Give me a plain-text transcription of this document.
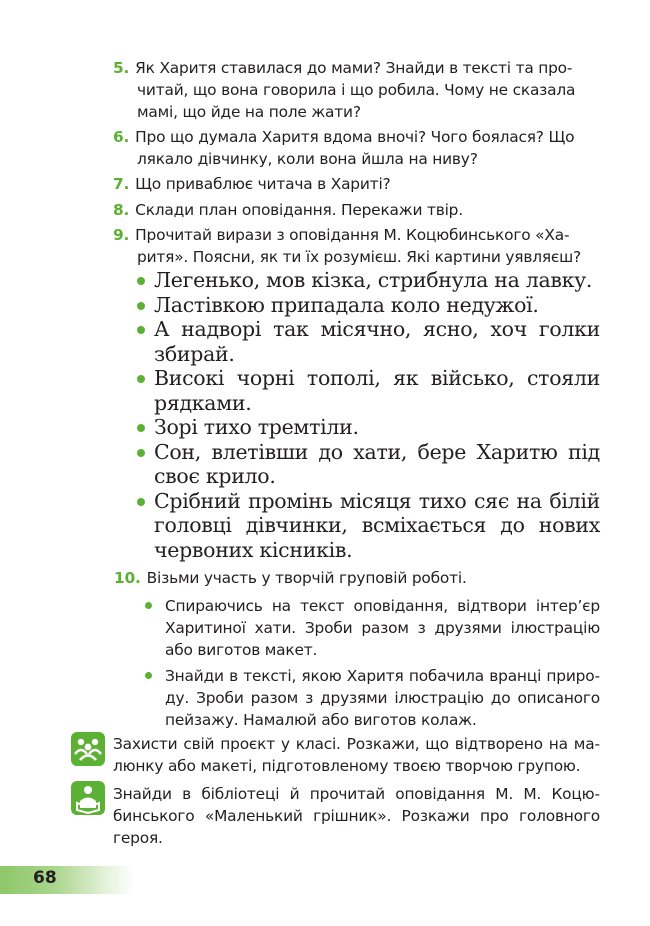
5. Як Харитя ставилася до мами? Знайди в тексті та прочитай, що вона говорила і що робила. Чому не сказала мамі, що йде на поле жати?
6. Про що думала Харитя вдома вночі? Чого боялася? Що лякало дівчинку, коли вона йшла на ниву?
7. Що приваблює читача в Хариті?
8. Склади план оповідання. Перекажи твір.
9. Прочитай вирази з оповідання М. Коцюбинського «Харитя». Поясни, як ти їх розумієш. Які картини уявляєш?
Легенько, мов кізка, стрибнула на лавку.
Ластівкою припадала коло недужої.
А надворі так місячно, ясно, хоч голки збирай.
Високі чорні тополі, як військо, стояли рядками.
Зорі тихо тремтіли.
Сон, влетівши до хати, бере Харитю під своє крило.
Срібний промінь місяця тихо сяє на білій головці дівчинки, всміхається до нових червоних кісників.
10. Візьми участь у творчій груповій роботі.
Спираючись на текст оповідання, відтвори інтер’єр Харитиної хати. Зроби разом з друзями ілюстрацію або виготов макет.
Знайди в тексті, якою Харитя побачила вранці природу. Зроби разом з друзями ілюстрацію до описаного пейзажу. Намалюй або виготов колаж.
Захисти свій проєкт у класі. Розкажи, що відтворено на малюнку або макеті, підготовленому твоєю творчою групою.
Знайди в бібліотеці й прочитай оповідання М. М. Коцюбинського «Маленький грішник». Розкажи про головного героя.
68
